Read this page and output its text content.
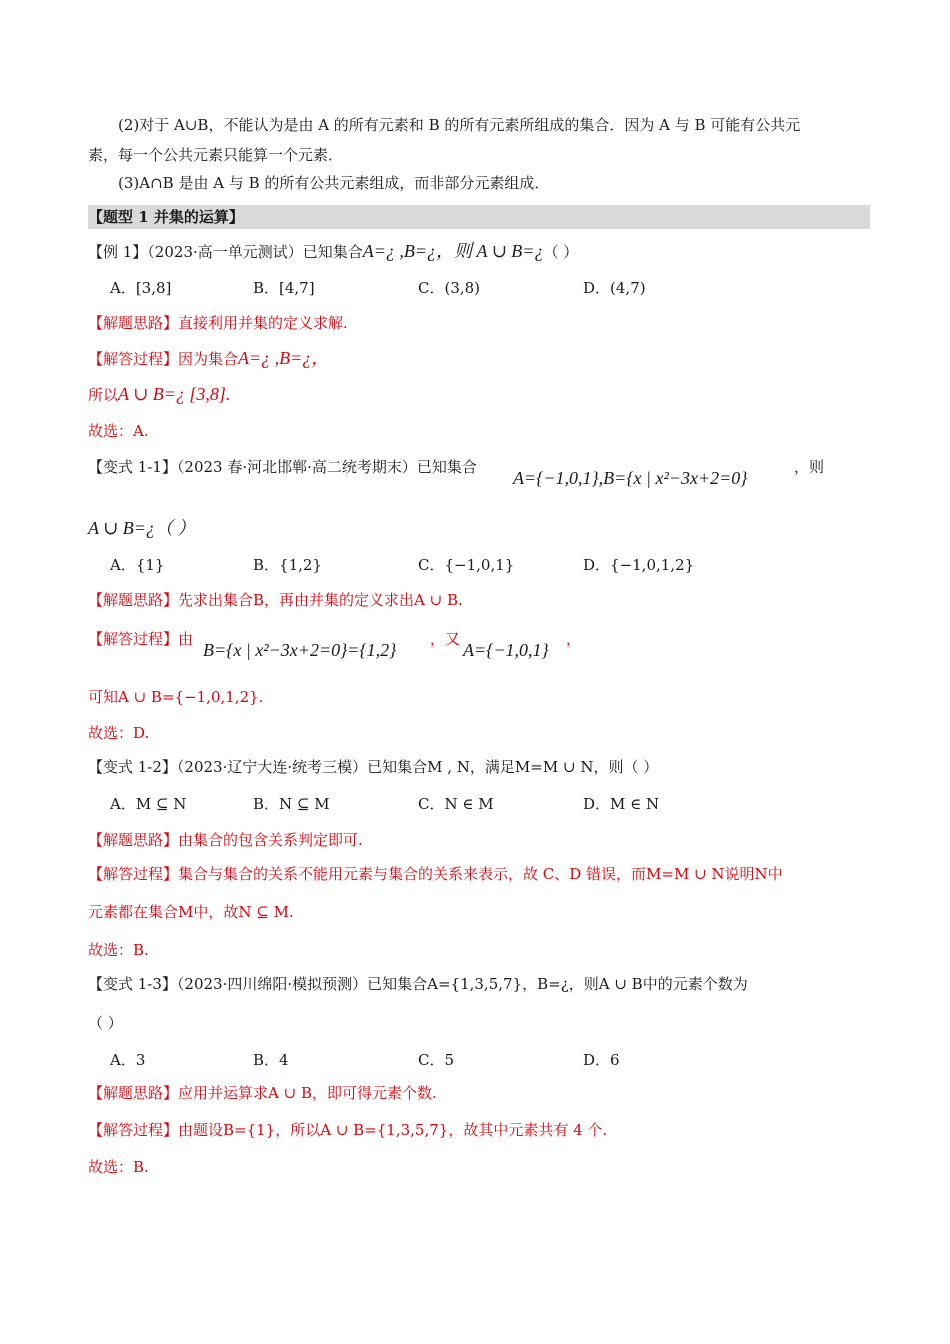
(2)对于 A∪B，不能认为是由 A 的所有元素和 B 的所有元素所组成的集合．因为 A 与 B 可能有公共元
素，每一个公共元素只能算一个元素．
(3)A∩B 是由 A 与 B 的所有公共元素组成，而非部分元素组成．
【题型 1 并集的运算】
【例 1】（2023·高一单元测试）已知集合A=¿ ,B=¿，则 A ∪ B=¿（ ）
A．[3,8]	B．[4,7]	C．(3,8)	D．(4,7)
【解题思路】直接利用并集的定义求解.
【解答过程】因为集合A=¿ ,B=¿，
所以A ∪ B=¿ [3,8].
故选：A.
【变式 1-1】（2023 春·河北邯郸·高二统考期末）已知集合
A={−1,0,1},B={x | x²−3x+2=0}
，则
A ∪ B=¿（ ）
A．{1}	B．{1,2}	C．{−1,0,1}	D．{−1,0,1,2}
【解题思路】先求出集合B，再由并集的定义求出A ∪ B.
【解答过程】由
B={x | x²−3x+2=0}={1,2}
，又
A={−1,0,1}
，
可知A ∪ B={−1,0,1,2}.
故选：D.
【变式 1-2】（2023·辽宁大连·统考三模）已知集合M , N，满足M=M ∪ N，则（ ）
A．M ⊆ N	B．N ⊆ M	C．N ∈ M	D．M ∈ N
【解题思路】由集合的包含关系判定即可.
【解答过程】集合与集合的关系不能用元素与集合的关系来表示，故 C、D 错误，而M=M ∪ N说明N中
元素都在集合M中，故N ⊆ M.
故选：B.
【变式 1-3】（2023·四川绵阳·模拟预测）已知集合A={1,3,5,7}，B=¿，则A ∪ B中的元素个数为
（ ）
A．3	B．4	C．5	D．6
【解题思路】应用并运算求A ∪ B，即可得元素个数.
【解答过程】由题设B={1}，所以A ∪ B={1,3,5,7}，故其中元素共有 4 个.
故选：B.
